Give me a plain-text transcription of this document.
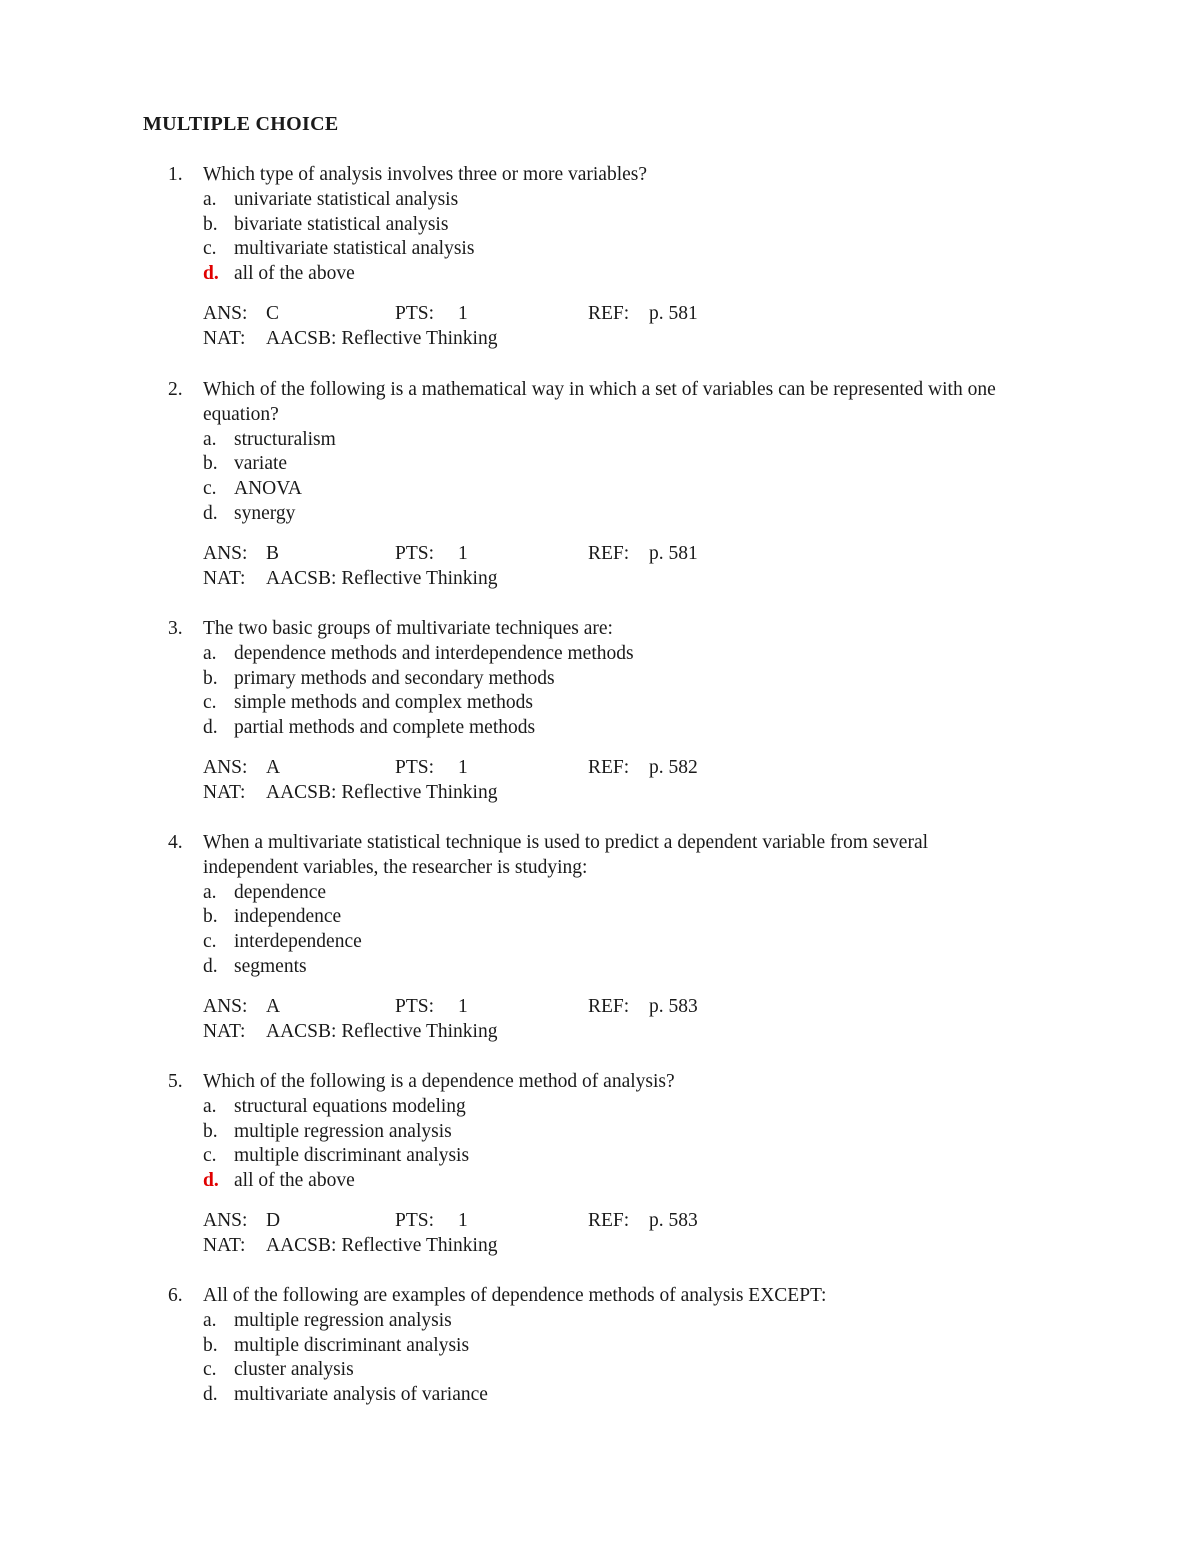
MULTIPLE CHOICE
1. Which type of analysis involves three or more variables?
a. univariate statistical analysis
b. bivariate statistical analysis
c. multivariate statistical analysis
d. all of the above
ANS: C	PTS: 1	REF: p. 581
NAT: AACSB: Reflective Thinking
2. Which of the following is a mathematical way in which a set of variables can be represented with one
equation?
a. structuralism
b. variate
c. ANOVA
d. synergy
ANS: B	PTS: 1	REF: p. 581
NAT: AACSB: Reflective Thinking
3. The two basic groups of multivariate techniques are:
a. dependence methods and interdependence methods
b. primary methods and secondary methods
c. simple methods and complex methods
d. partial methods and complete methods
ANS: A	PTS: 1	REF: p. 582
NAT: AACSB: Reflective Thinking
4. When a multivariate statistical technique is used to predict a dependent variable from several
independent variables, the researcher is studying:
a. dependence
b. independence
c. interdependence
d. segments
ANS: A	PTS: 1	REF: p. 583
NAT: AACSB: Reflective Thinking
5. Which of the following is a dependence method of analysis?
a. structural equations modeling
b. multiple regression analysis
c. multiple discriminant analysis
d. all of the above
ANS: D	PTS: 1	REF: p. 583
NAT: AACSB: Reflective Thinking
6. All of the following are examples of dependence methods of analysis EXCEPT:
a. multiple regression analysis
b. multiple discriminant analysis
c. cluster analysis
d. multivariate analysis of variance
